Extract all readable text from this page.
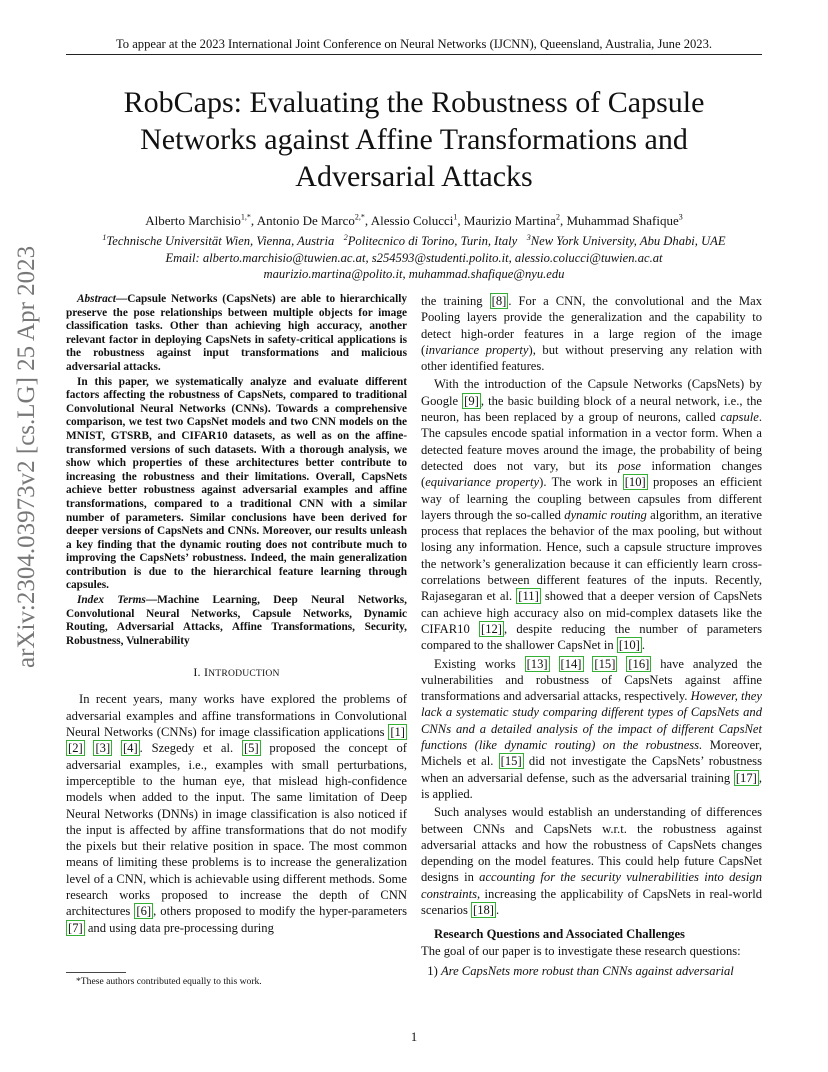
To appear at the 2023 International Joint Conference on Neural Networks (IJCNN), Queensland, Australia, June 2023.
RobCaps: Evaluating the Robustness of Capsule
Networks against Affine Transformations and
Adversarial Attacks
Alberto Marchisio$^{1,*}$, Antonio De Marco$^{2,*}$, Alessio Colucci$^1$, Maurizio Martina$^2$, Muhammad Shafique$^3$
$^1$Technische Universität Wien, Vienna, Austria $^2$Politecnico di Torino, Turin, Italy $^3$New York University, Abu Dhabi, UAE
Email: alberto.marchisio@tuwien.ac.at, s254593@studenti.polito.it, alessio.colucci@tuwien.ac.at
maurizio.martina@polito.it, muhammad.shafique@nyu.edu
arXiv:2304.03973v2 [cs.LG] 25 Apr 2023	Abstract—Capsule Networks (CapsNets) are able to hierarchically preserve the pose relationships between multiple objects for image classification tasks. Other than achieving high accuracy, another relevant factor in deploying CapsNets in safety-critical applications is the robustness against input transformations and malicious adversarial attacks.

In this paper, we systematically analyze and evaluate different factors affecting the robustness of CapsNets, compared to traditional Convolutional Neural Networks (CNNs). Towards a comprehensive comparison, we test two CapsNet models and two CNN models on the MNIST, GTSRB, and CIFAR10 datasets, as well as on the affine-transformed versions of such datasets. With a thorough analysis, we show which properties of these architectures better contribute to increasing the robustness and their limitations. Overall, CapsNets achieve better robustness against adversarial examples and affine transformations, compared to a traditional CNN with a similar number of parameters. Similar conclusions have been derived for deeper versions of CapsNets and CNNs. Moreover, our results unleash a key finding that the dynamic routing does not contribute much to improving the CapsNets’ robustness. Indeed, the main generalization contribution is due to the hierarchical feature learning through capsules.

Index Terms—Machine Learning, Deep Neural Networks, Convolutional Neural Networks, Capsule Networks, Dynamic Routing, Adversarial Attacks, Affine Transformations, Security, Robustness, Vulnerability

I. INTRODUCTION

In recent years, many works have explored the problems of adversarial examples and affine transformations in Convolutional Neural Networks (CNNs) for image classification applications [1] [2] [3] [4] . Szegedy et al. [5] proposed the concept of adversarial examples, i.e., examples with small perturbations, imperceptible to the human eye, that mislead high-confidence models when added to the input. The same limitation of Deep Neural Networks (DNNs) in image classification is also noticed if the input is affected by affine transformations that do not modify the pixels but their relative position in space. The most common means of limiting these problems is to increase the generalization level of a CNN, which is achievable using different methods. Some research works proposed to increase the depth of CNN architectures [6] , others proposed to modify the hyper-parameters [7] and using data pre-processing during

the training [8] . For a CNN, the convolutional and the Max Pooling layers provide the generalization and the capability to detect high-order features in a large region of the image (invariance property), but without preserving any relation with other identified features.

With the introduction of the Capsule Networks (CapsNets) by Google [9] , the basic building block of a neural network, i.e., the neuron, has been replaced by a group of neurons, called capsule. The capsules encode spatial information in a vector form. When a detected feature moves around the image, the probability of being detected does not vary, but its pose information changes (equivariance property). The work in [10] proposes an efficient way of learning the coupling between capsules from different layers through the so-called dynamic routing algorithm, an iterative process that replaces the behavior of the max pooling, but without losing any information. Hence, such a capsule structure improves the network’s generalization because it can efficiently learn cross-correlations between different features of the inputs. Recently, Rajasegaran et al. [11] showed that a deeper version of CapsNets can achieve high accuracy also on mid-complex datasets like the CIFAR10 [12] , despite reducing the number of parameters compared to the shallower CapsNet in [10] .

Existing works [13] [14] [15] [16] have analyzed the vulnerabilities and robustness of CapsNets against affine transformations and adversarial attacks, respectively. However, they lack a systematic study comparing different types of CapsNets and CNNs and a detailed analysis of the impact of different CapsNet functions (like dynamic routing) on the robustness. Moreover, Michels et al. [15] did not investigate the CapsNets’ robustness when an adversarial defense, such as the adversarial training [17] , is applied.

Such analyses would establish an understanding of differences between CNNs and CapsNets w.r.t. the robustness against adversarial attacks and how the robustness of CapsNets changes depending on the model features. This could help future CapsNet designs in accounting for the security vulnerabilities into design constraints, increasing the applicability of CapsNets in real-world scenarios [18] .

Research Questions and Associated Challenges

The goal of our paper is to investigate these research questions:

1) Are CapsNets more robust than CNNs against adversarial

*These authors contributed equally to this work.
1
